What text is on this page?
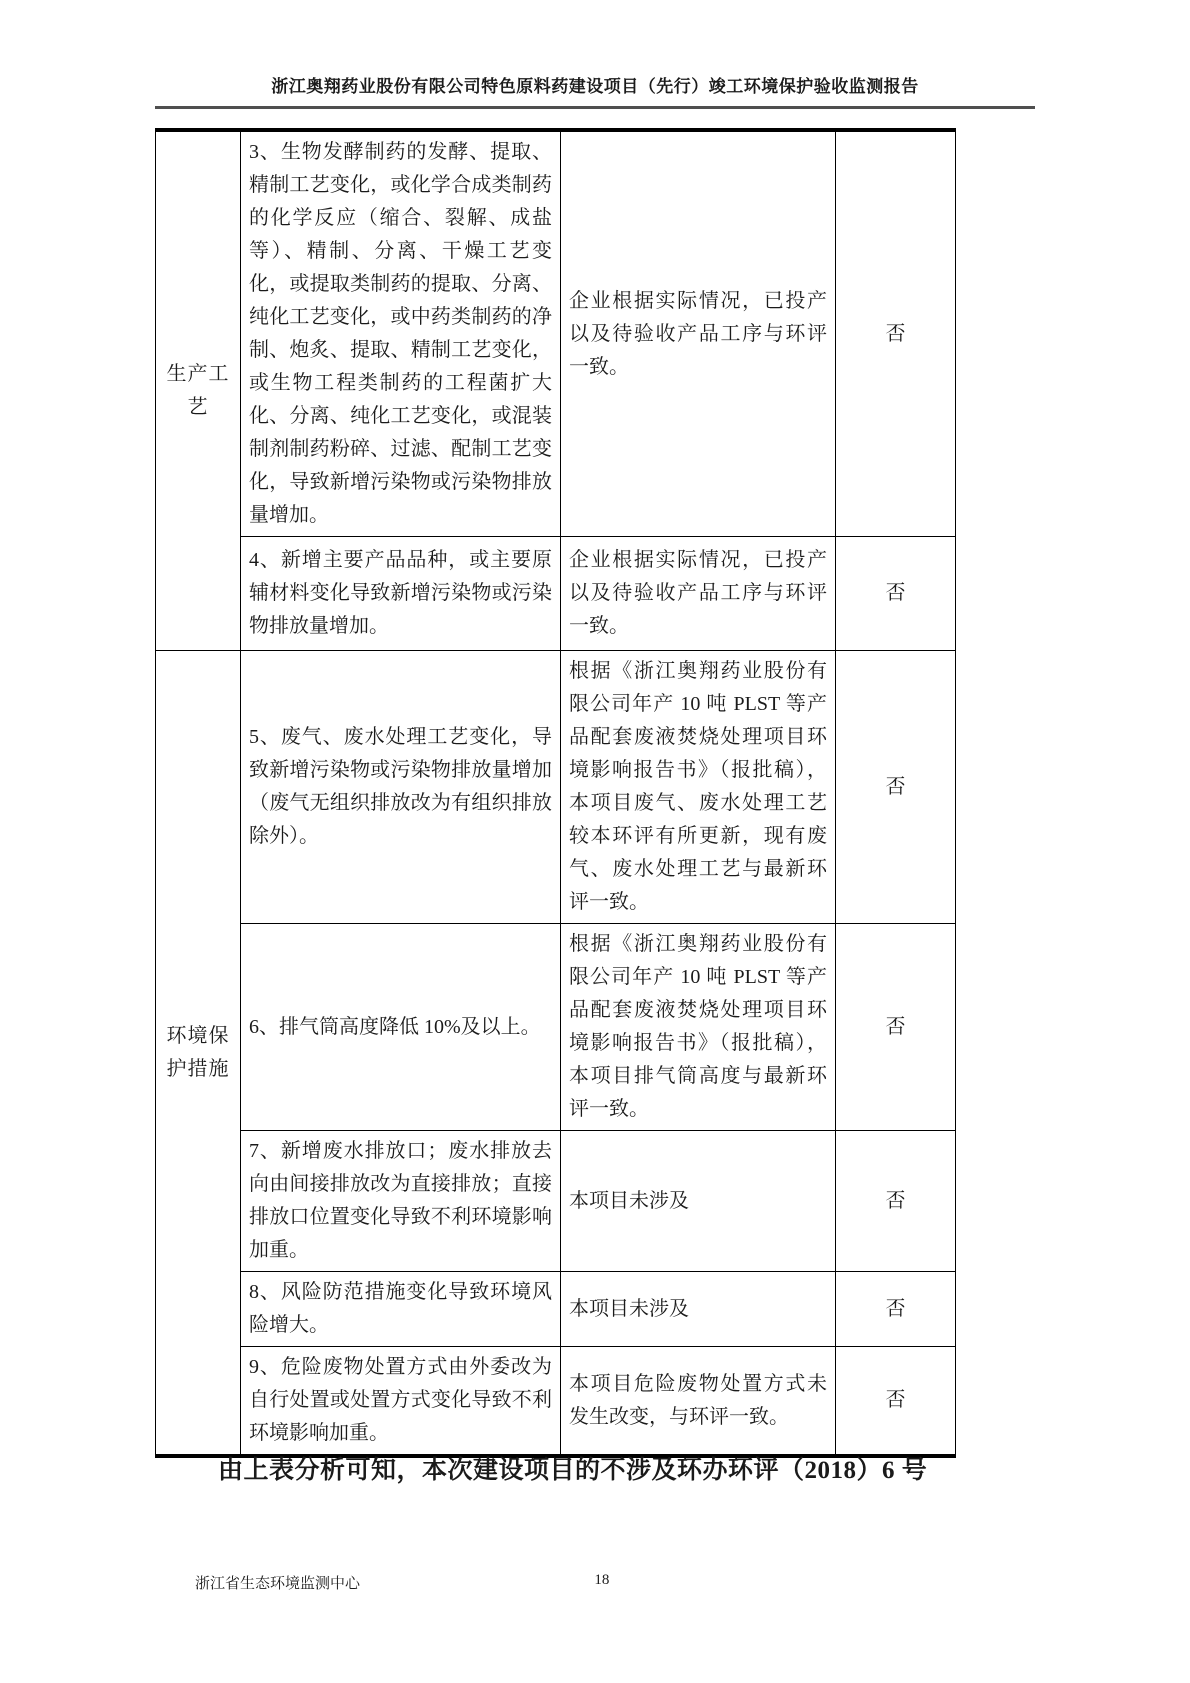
浙江奥翔药业股份有限公司特色原料药建设项目（先行）竣工环境保护验收监测报告
生产工艺	3、生物发酵制药的发酵、提取、精制工艺变化，或化学合成类制药的化学反应（缩合、裂解、成盐等）、精制、分离、干燥工艺变化，或提取类制药的提取、分离、纯化工艺变化，或中药类制药的净制、炮炙、提取、精制工艺变化，或生物工程类制药的工程菌扩大化、分离、纯化工艺变化，或混装制剂制药粉碎、过滤、配制工艺变化，导致新增污染物或污染物排放量增加。	企业根据实际情况，已投产以及待验收产品工序与环评一致。	否
	4、新增主要产品品种，或主要原辅材料变化导致新增污染物或污染物排放量增加。	企业根据实际情况，已投产以及待验收产品工序与环评一致。	否
环境保护措施	5、废气、废水处理工艺变化，导致新增污染物或污染物排放量增加（废气无组织排放改为有组织排放除外）。	根据《浙江奥翔药业股份有限公司年产 10 吨 PLST 等产品配套废液焚烧处理项目环境影响报告书》（报批稿），本项目废气、废水处理工艺较本环评有所更新，现有废气、废水处理工艺与最新环评一致。	否
	6、排气筒高度降低 10%及以上。	根据《浙江奥翔药业股份有限公司年产 10 吨 PLST 等产品配套废液焚烧处理项目环境影响报告书》（报批稿），本项目排气筒高度与最新环评一致。	否
	7、新增废水排放口；废水排放去向由间接排放改为直接排放；直接排放口位置变化导致不利环境影响加重。	本项目未涉及	否
	8、风险防范措施变化导致环境风险增大。	本项目未涉及	否
	9、危险废物处置方式由外委改为自行处置或处置方式变化导致不利环境影响加重。	本项目危险废物处置方式未发生改变，与环评一致。	否
由上表分析可知，本次建设项目的不涉及环办环评（2018）6 号
浙江省生态环境监测中心	18
